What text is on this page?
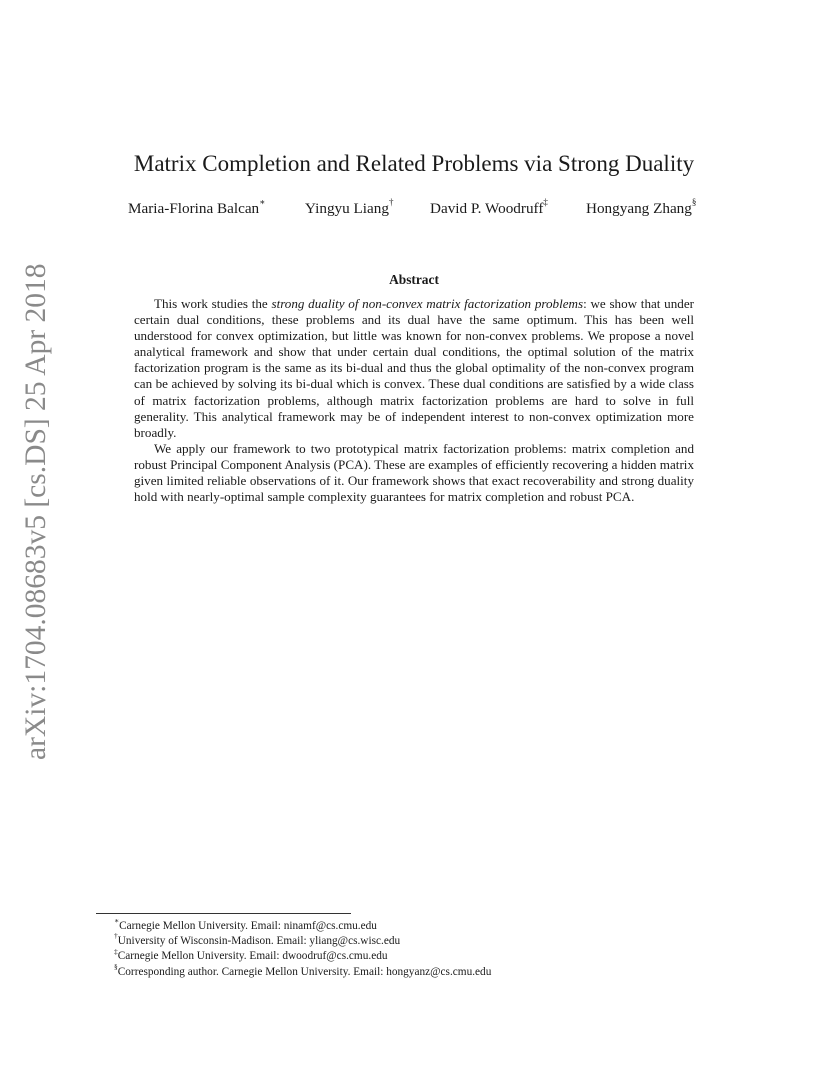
arXiv:1704.08683v5 [cs.DS] 25 Apr 2018
Matrix Completion and Related Problems via Strong Duality
Maria-Florina Balcan∗	Yingyu Liang† David P. Woodruff‡	Hongyang Zhang§
Abstract

This work studies the strong duality of non-convex matrix factorization problems: we show that under certain dual conditions, these problems and its dual have the same optimum. This has been well understood for convex optimization, but little was known for non-convex problems. We propose a novel analytical framework and show that under certain dual conditions, the optimal solution of the matrix factorization program is the same as its bi-dual and thus the global optimality of the non-convex program can be achieved by solving its bi-dual which is convex. These dual conditions are satisfied by a wide class of matrix factorization problems, although matrix factorization problems are hard to solve in full generality. This analytical framework may be of independent interest to non-convex optimization more broadly.

We apply our framework to two prototypical matrix factorization problems: matrix completion and robust Principal Component Analysis (PCA). These are examples of efficiently recovering a hidden matrix given limited reliable observations of it. Our framework shows that exact recoverability and strong duality hold with nearly-optimal sample complexity guarantees for matrix completion and robust PCA.

∗Carnegie Mellon University. Email: ninamf@cs.cmu.edu

†University of Wisconsin-Madison. Email: yliang@cs.wisc.edu

‡Carnegie Mellon University. Email: dwoodruf@cs.cmu.edu

§Corresponding author. Carnegie Mellon University. Email: hongyanz@cs.cmu.edu
